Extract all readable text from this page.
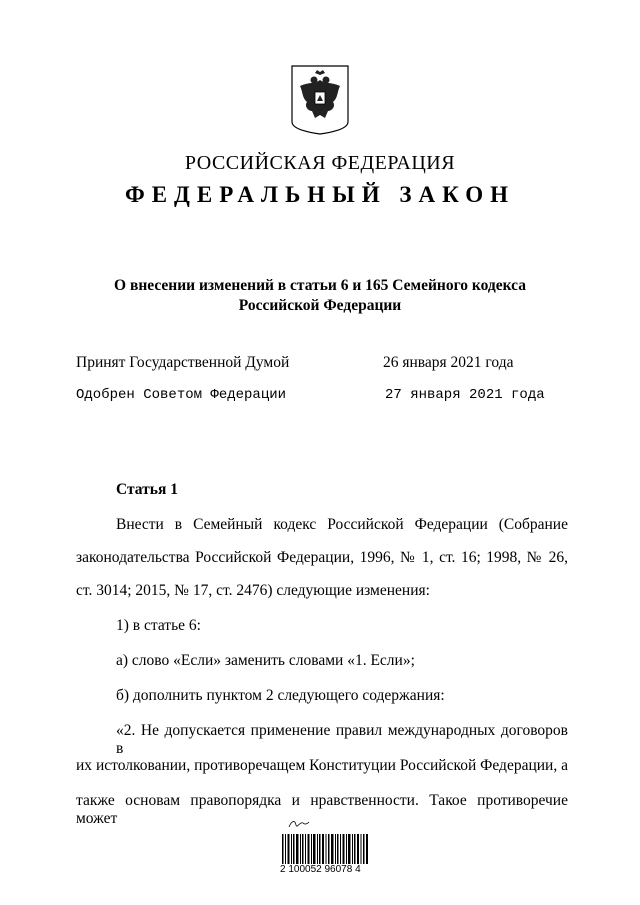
РОССИЙСКАЯ ФЕДЕРАЦИЯ
ФЕДЕРАЛЬНЫЙ ЗАКОН
О внесении изменений в статьи 6 и 165 Семейного кодекса
Российской Федерации
Принят Государственной Думой	26 января 2021 года
Одобрен Советом Федерации	27 января 2021 года
Статья 1
Внести в Семейный кодекс Российской Федерации (Собрание
законодательства Российской Федерации, 1996, № 1, ст. 16; 1998, № 26,
ст. 3014; 2015, № 17, ст. 2476) следующие изменения:
1) в статье 6:
а) слово «Если» заменить словами «1. Если»;
б) дополнить пунктом 2 следующего содержания:
«2. Не допускается применение правил международных договоров в
их истолковании, противоречащем Конституции Российской Федерации, а
также основам правопорядка и нравственности. Такое противоречие может
2 100052 96078 4
